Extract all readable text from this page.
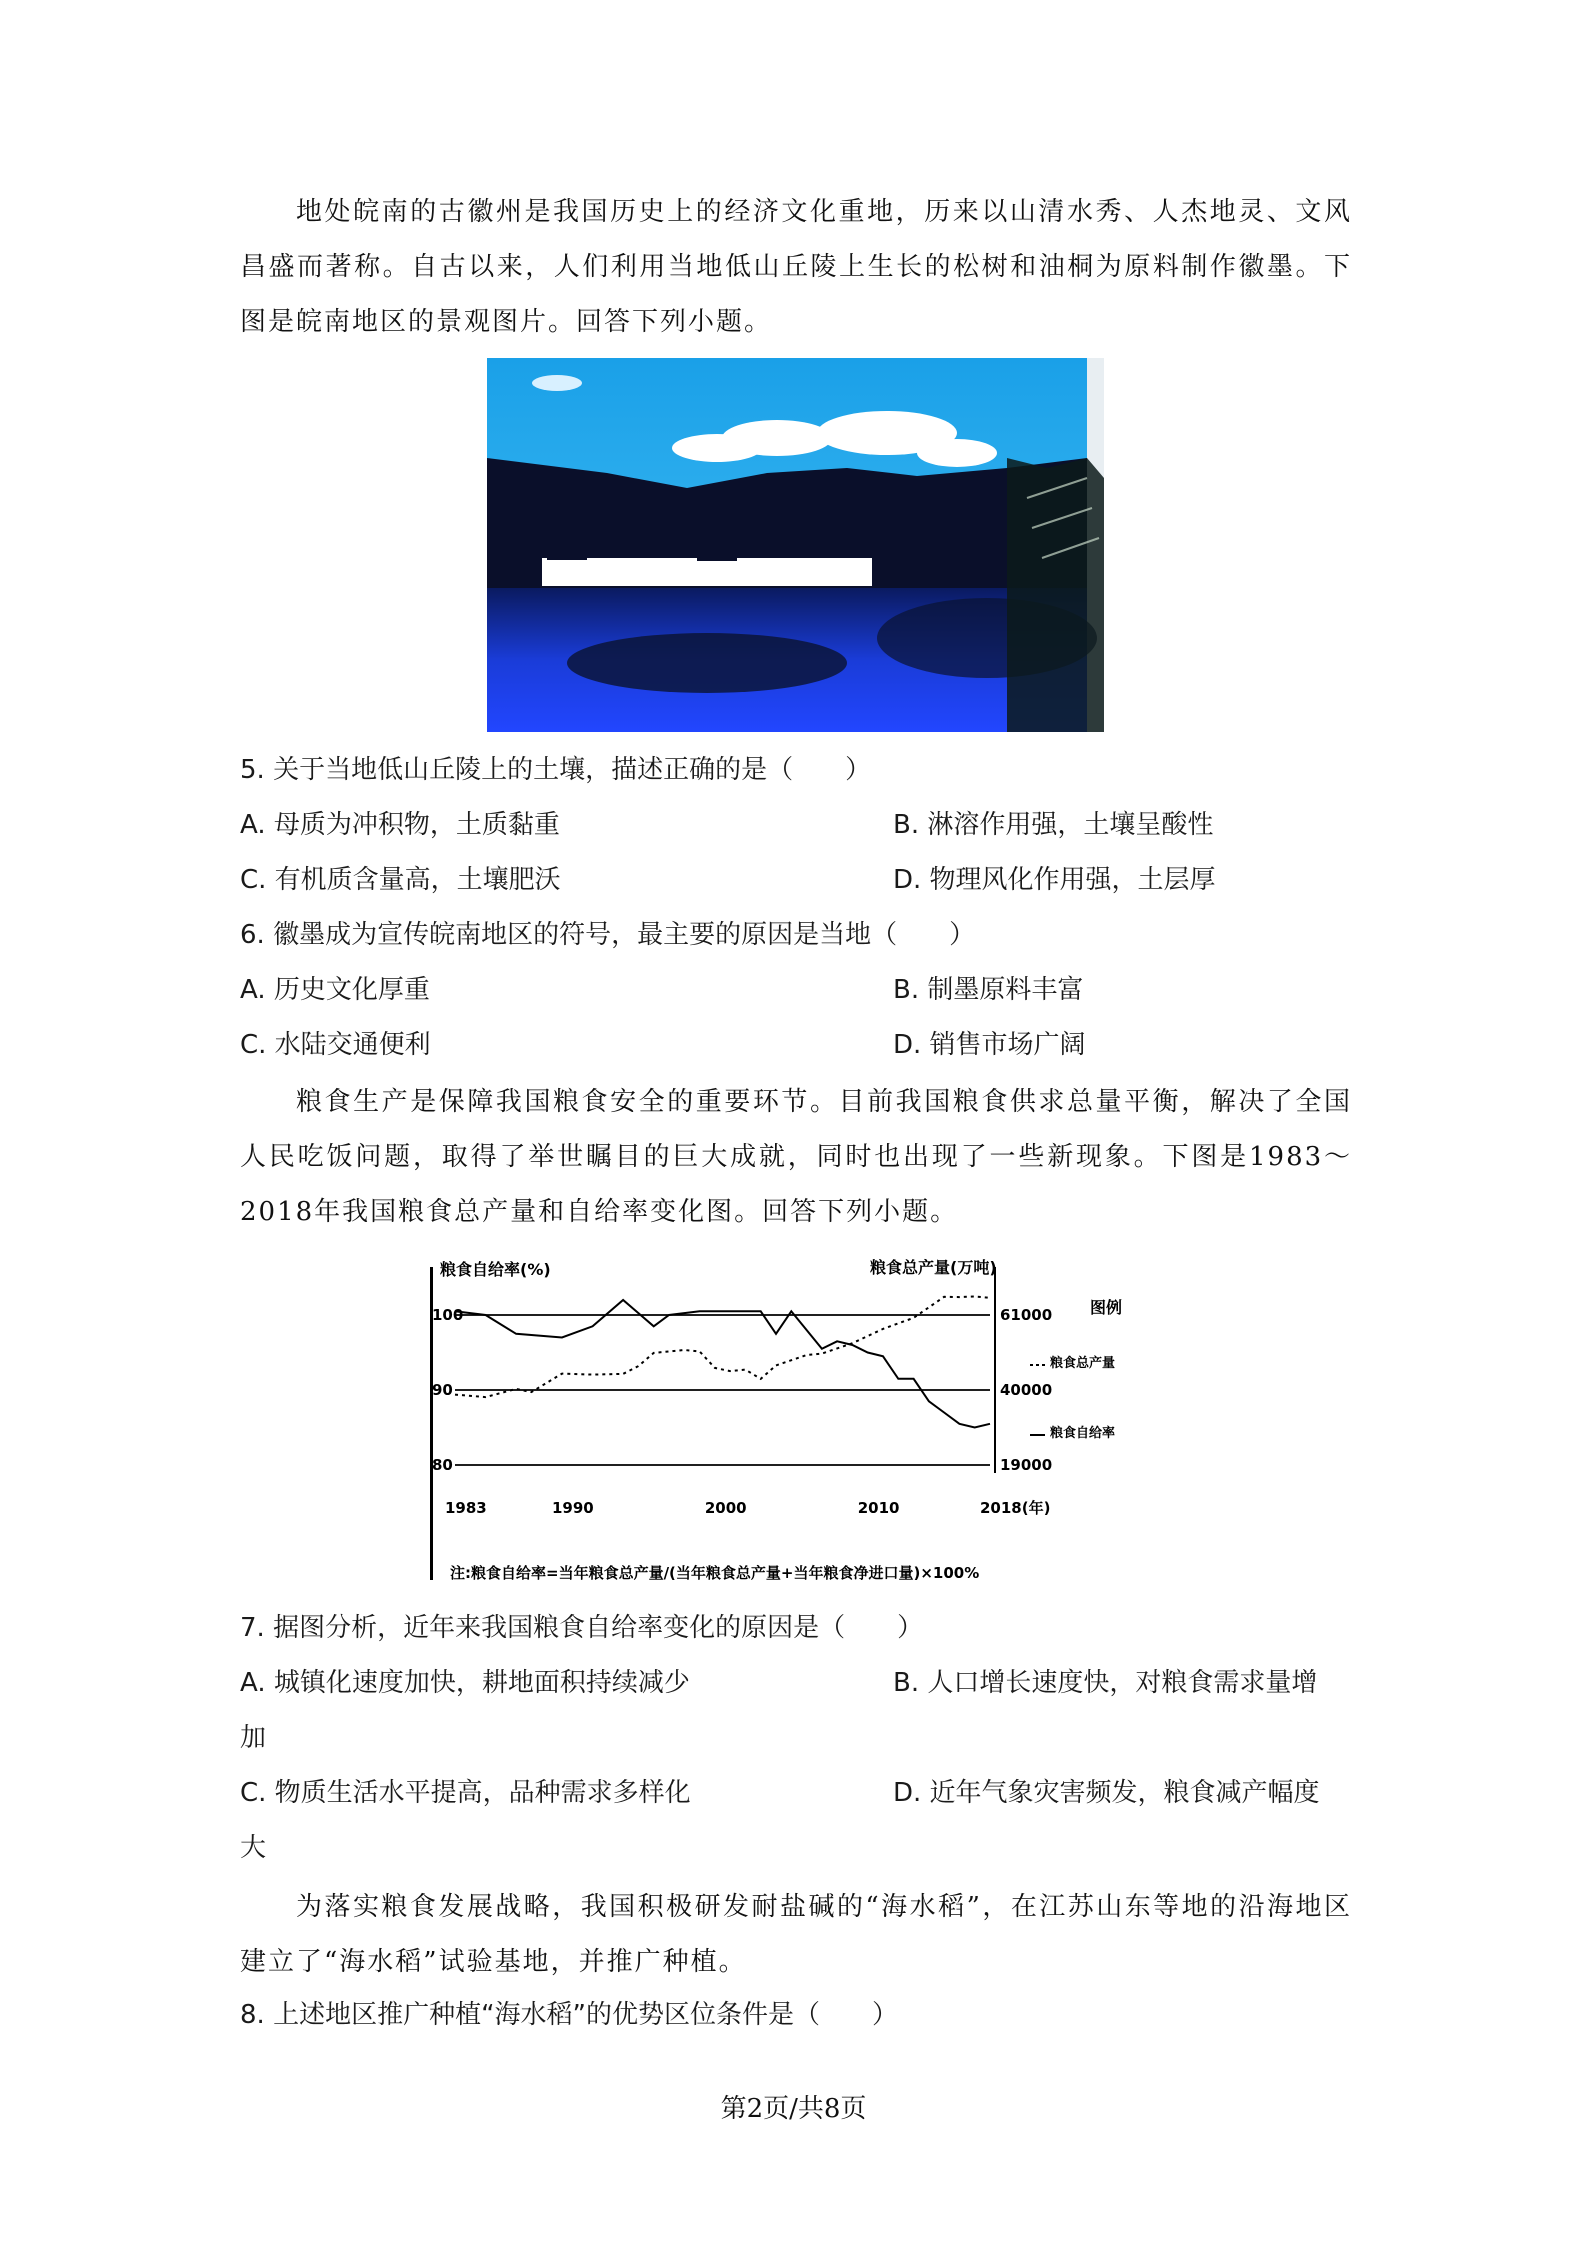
地处皖南的古徽州是我国历史上的经济文化重地，历来以山清水秀、人杰地灵、文风昌盛而著称。自古以来，人们利用当地低山丘陵上生长的松树和油桐为原料制作徽墨。下图是皖南地区的景观图片。回答下列小题。

5. 关于当地低山丘陵上的土壤，描述正确的是（　　）
A. 母质为冲积物，土质黏重	B. 淋溶作用强，土壤呈酸性
C. 有机质含量高，土壤肥沃	D. 物理风化作用强，土层厚
6. 徽墨成为宣传皖南地区的符号，最主要的原因是当地（　　）
A. 历史文化厚重	B. 制墨原料丰富
C. 水陆交通便利	D. 销售市场广阔

粮食生产是保障我国粮食安全的重要环节。目前我国粮食供求总量平衡，解决了全国人民吃饭问题，取得了举世瞩目的巨大成就，同时也出现了一些新现象。下图是1983～2018年我国粮食总产量和自给率变化图。回答下列小题。

粮食自给率(%)	粮食总产量(万吨)
图例
粮食总产量
粮食自给率
注:粮食自给率=当年粮食总产量/(当年粮食总产量+当年粮食净进口量)×100%
100
90
80
61000
40000
19000
1983	1990	2000	2010	2018(年)
7. 据图分析，近年来我国粮食自给率变化的原因是（　　）
A. 城镇化速度加快，耕地面积持续减少	B. 人口增长速度快，对粮食需求量增
加
C. 物质生活水平提高，品种需求多样化	D. 近年气象灾害频发，粮食减产幅度
大

为落实粮食发展战略，我国积极研发耐盐碱的“海水稻”，在江苏山东等地的沿海地区建立了“海水稻”试验基地，并推广种植。

8. 上述地区推广种植“海水稻”的优势区位条件是（　　）
第2页/共8页
